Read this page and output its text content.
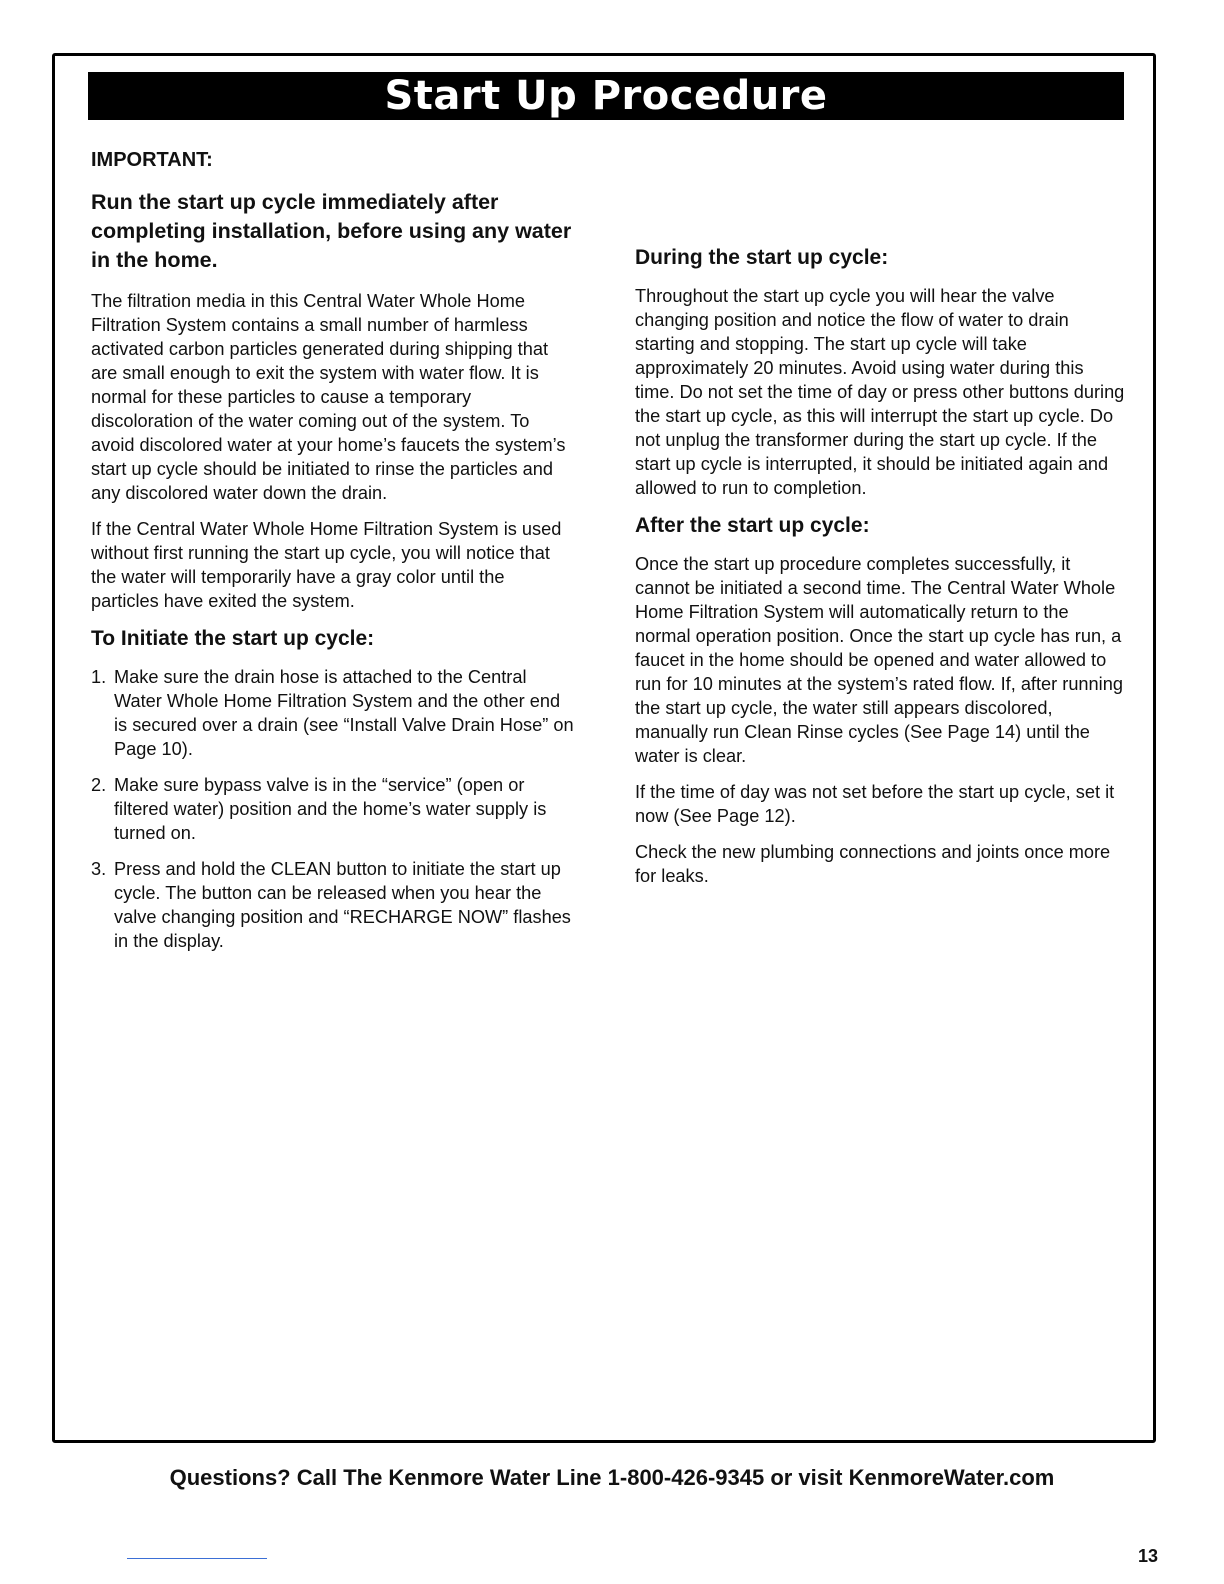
Start Up Procedure
IMPORTANT:
Run the start up cycle immediately after completing installation, before using any water in the home.

The filtration media in this Central Water Whole Home Filtration System contains a small number of harmless activated carbon particles generated during shipping that are small enough to exit the system with water flow. It is normal for these particles to cause a temporary discoloration of the water coming out of the system. To avoid discolored water at your home’s faucets the system’s start up cycle should be initiated to rinse the particles and any discolored water down the drain.

If the Central Water Whole Home Filtration System is used without first running the start up cycle, you will notice that the water will temporarily have a gray color until the particles have exited the system.

To Initiate the start up cycle:
1. Make sure the drain hose is attached to the Central Water Whole Home Filtration System and the other end is secured over a drain (see “Install Valve Drain Hose” on Page 10).
2. Make sure bypass valve is in the “service” (open or filtered water) position and the home’s water supply is turned on.
3. Press and hold the CLEAN button to initiate the start up cycle. The button can be released when you hear the valve changing position and “RECHARGE NOW” flashes in the display.
During the start up cycle:

Throughout the start up cycle you will hear the valve changing position and notice the flow of water to drain starting and stopping. The start up cycle will take approximately 20 minutes. Avoid using water during this time. Do not set the time of day or press other buttons during the start up cycle, as this will interrupt the start up cycle. Do not unplug the transformer during the start up cycle. If the start up cycle is interrupted, it should be initiated again and allowed to run to completion.

After the start up cycle:

Once the start up procedure completes successfully, it cannot be initiated a second time. The Central Water Whole Home Filtration System will automatically return to the normal operation position. Once the start up cycle has run, a faucet in the home should be opened and water allowed to run for 10 minutes at the system’s rated flow. If, after running the start up cycle, the water still appears discolored, manually run Clean Rinse cycles (See Page 14) until the water is clear.

If the time of day was not set before the start up cycle, set it now (See Page 12).

Check the new plumbing connections and joints once more for leaks.

Questions? Call The Kenmore Water Line 1-800-426-9345 or visit KenmoreWater.com
13
